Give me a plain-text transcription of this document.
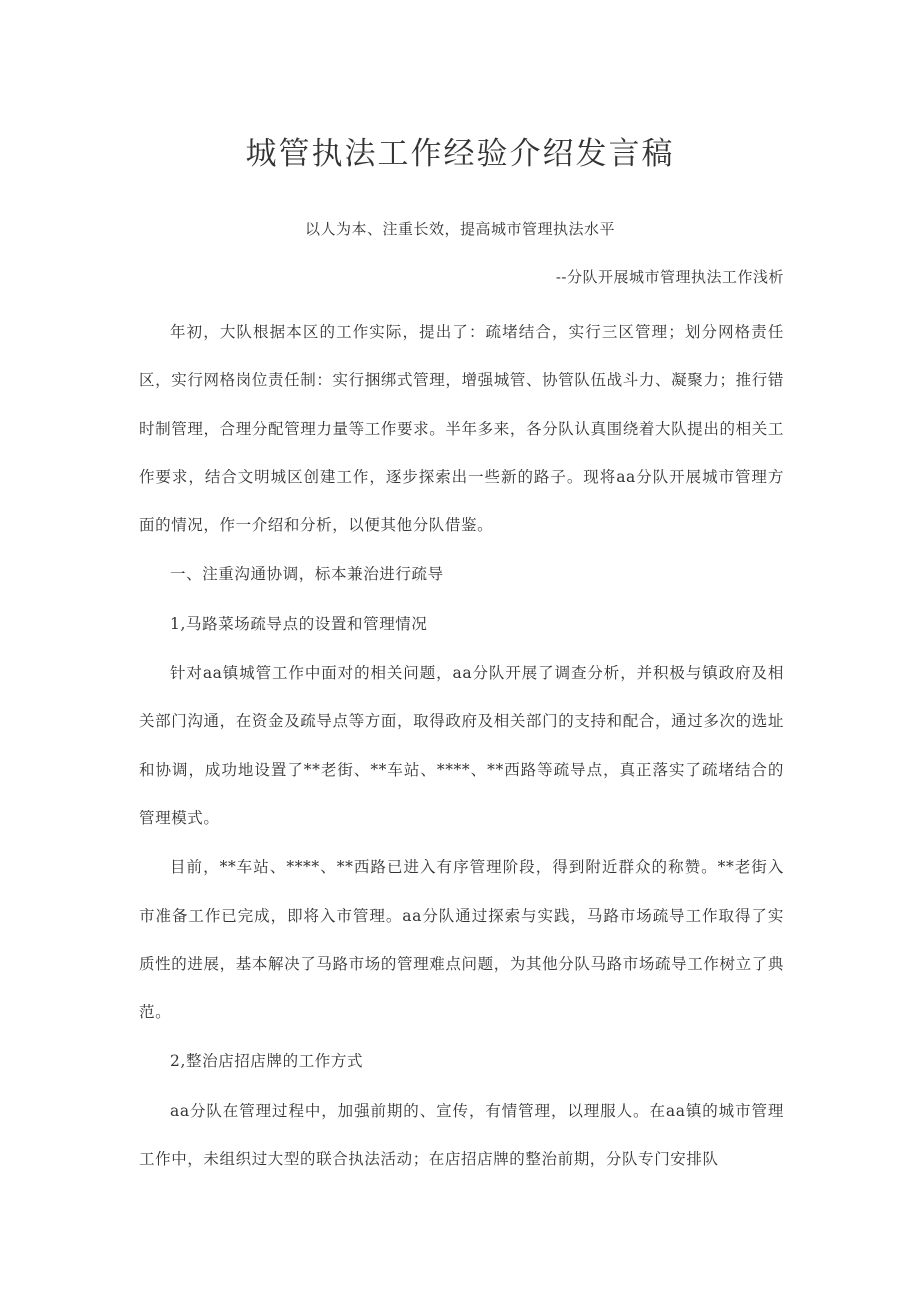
城管执法工作经验介绍发言稿
以人为本、注重长效，提高城市管理执法水平
--分队开展城市管理执法工作浅析

年初，大队根据本区的工作实际，提出了：疏堵结合，实行三区管理；划分网格责任区，实行网格岗位责任制：实行捆绑式管理，增强城管、协管队伍战斗力、凝聚力；推行错时制管理，合理分配管理力量等工作要求。半年多来，各分队认真围绕着大队提出的相关工作要求，结合文明城区创建工作，逐步探索出一些新的路子。现将aa分队开展城市管理方面的情况，作一介绍和分析，以便其他分队借鉴。

一、注重沟通协调，标本兼治进行疏导

1,马路菜场疏导点的设置和管理情况

针对aa镇城管工作中面对的相关问题，aa分队开展了调查分析，并积极与镇政府及相关部门沟通，在资金及疏导点等方面，取得政府及相关部门的支持和配合，通过多次的选址和协调，成功地设置了**老街、**车站、****、**西路等疏导点，真正落实了疏堵结合的管理模式。

目前，**车站、****、**西路已进入有序管理阶段，得到附近群众的称赞。**老街入市准备工作已完成，即将入市管理。aa分队通过探索与实践，马路市场疏导工作取得了实质性的进展，基本解决了马路市场的管理难点问题，为其他分队马路市场疏导工作树立了典范。

2,整治店招店牌的工作方式

aa分队在管理过程中，加强前期的、宣传，有情管理，以理服人。在aa镇的城市管理工作中，未组织过大型的联合执法活动；在店招店牌的整治前期，分队专门安排队
